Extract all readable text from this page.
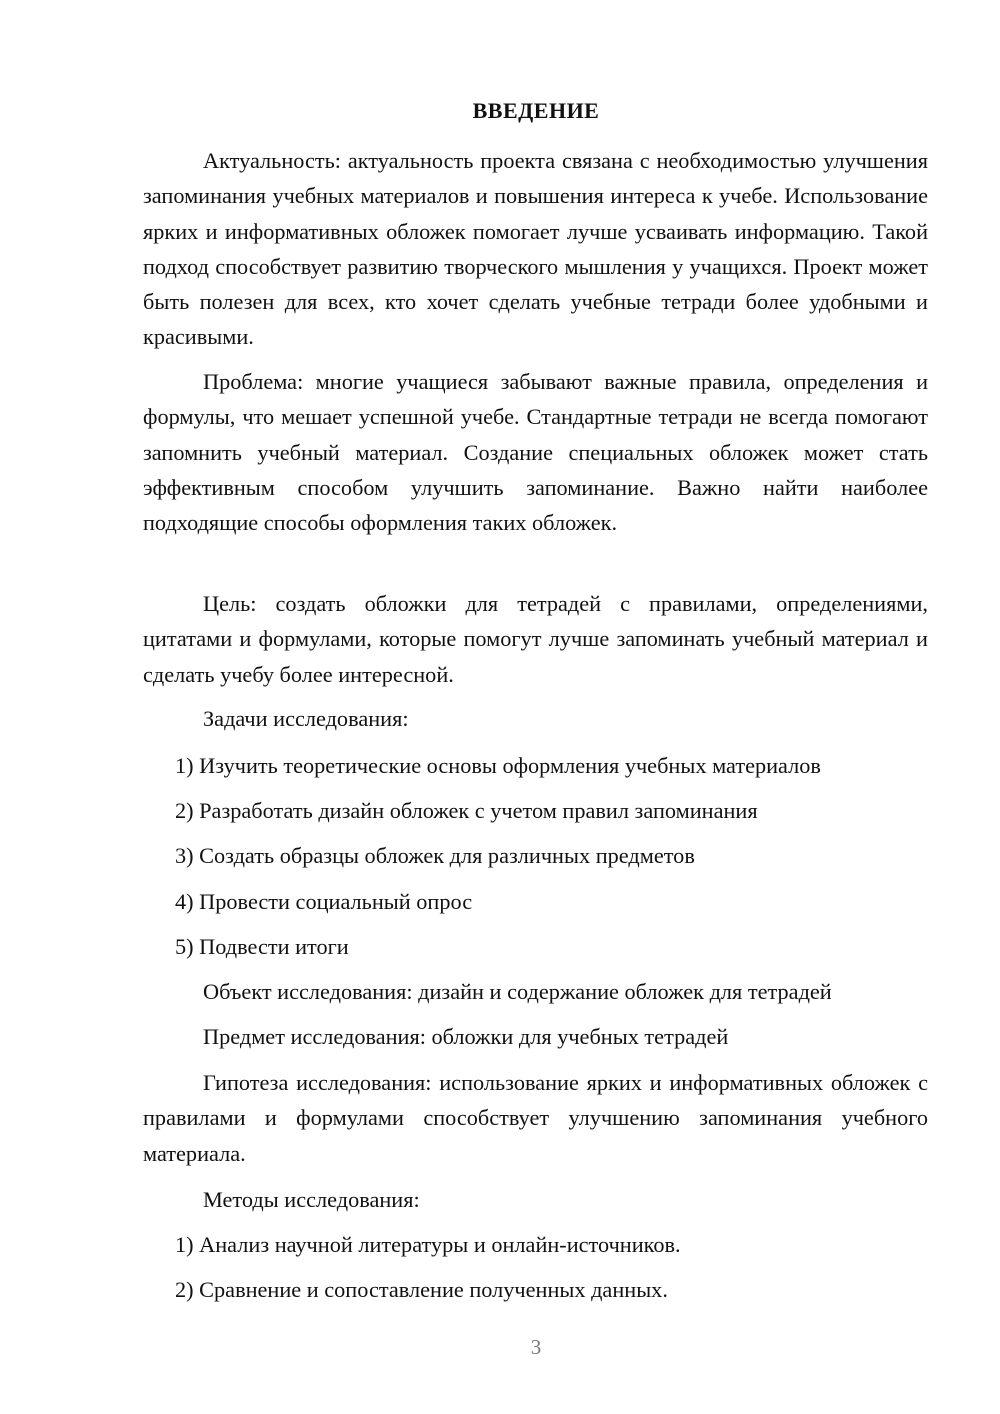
ВВЕДЕНИЕ

Актуальность: актуальность проекта связана с необходимостью улучшения запоминания учебных материалов и повышения интереса к учебе. Использование ярких и информативных обложек помогает лучше усваивать информацию. Такой подход способствует развитию творческого мышления у учащихся. Проект может быть полезен для всех, кто хочет сделать учебные тетради более удобными и красивыми.

Проблема: многие учащиеся забывают важные правила, определения и формулы, что мешает успешной учебе. Стандартные тетради не всегда помогают запомнить учебный материал. Создание специальных обложек может стать эффективным способом улучшить запоминание. Важно найти наиболее подходящие способы оформления таких обложек.

Цель: создать обложки для тетрадей с правилами, определениями, цитатами и формулами, которые помогут лучше запоминать учебный материал и сделать учебу более интересной.

Задачи исследования:

1) Изучить теоретические основы оформления учебных материалов

2) Разработать дизайн обложек с учетом правил запоминания

3) Создать образцы обложек для различных предметов

4) Провести социальный опрос

5) Подвести итоги

Объект исследования: дизайн и содержание обложек для тетрадей

Предмет исследования: обложки для учебных тетрадей

Гипотеза исследования: использование ярких и информативных обложек с правилами и формулами способствует улучшению запоминания учебного материала.

Методы исследования:

1) Анализ научной литературы и онлайн-источников.

2) Сравнение и сопоставление полученных данных.

3
